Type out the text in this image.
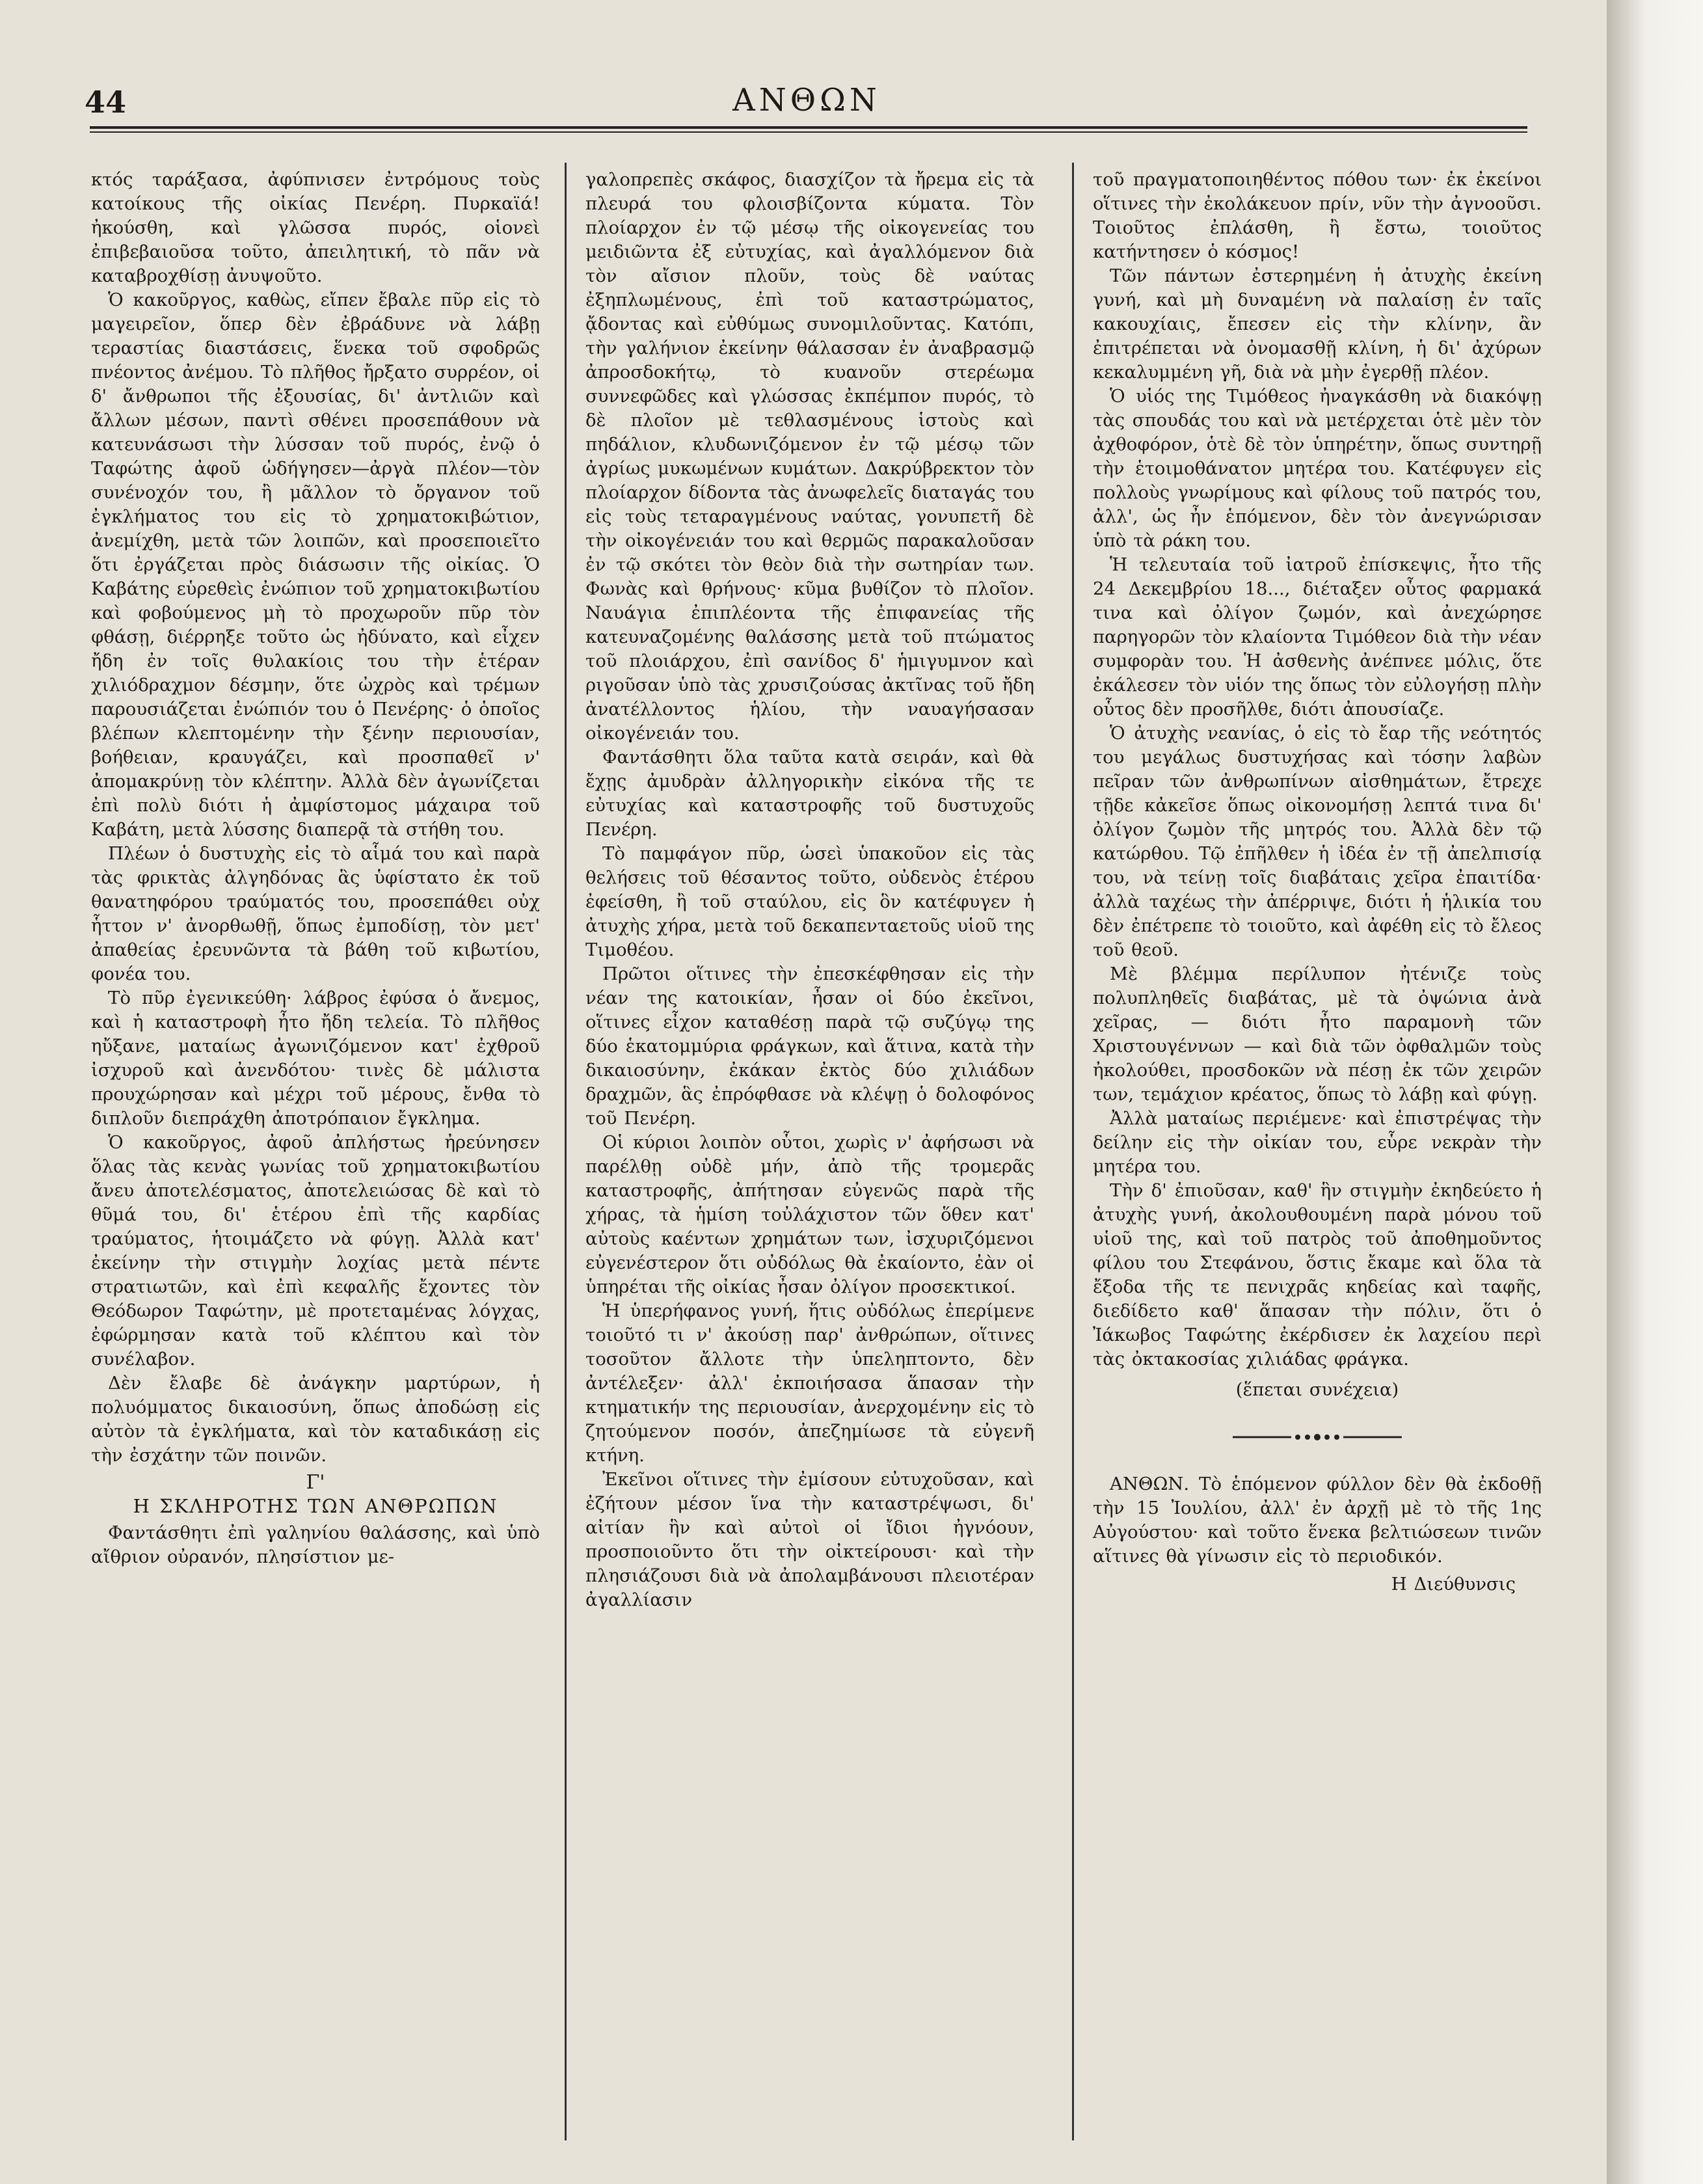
44	ΑΝΘΩΝ

κτός ταράξασα, ἀφύπνισεν ἐντρόμους τοὺς κατοίκους τῆς οἰκίας Πενέρη. Πυρκαϊά! ἠκούσθη, καὶ γλῶσσα πυρός, οἱονεὶ ἐπιβεβαιοῦσα τοῦτο, ἀπειλητική, τὸ πᾶν νὰ καταβροχθίσῃ ἀνυψοῦτο.

Ὁ κακοῦργος, καθὼς, εἴπεν ἔβαλε πῦρ εἰς τὸ μαγειρεῖον, ὅπερ δὲν ἐβράδυνε νὰ λάβῃ τεραστίας διαστάσεις, ἕνεκα τοῦ σφοδρῶς πνέοντος ἀνέμου. Τὸ πλῆθος ἤρξατο συρρέον, οἱ δ' ἄνθρωποι τῆς ἐξουσίας, δι' ἀντλιῶν καὶ ἄλλων μέσων, παντὶ σθένει προσεπάθουν νὰ κατευνάσωσι τὴν λύσσαν τοῦ πυρός, ἐνῷ ὁ Ταφώτης ἀφοῦ ὡδήγησεν—ἀργὰ πλέον—τὸν συνένοχόν του, ἢ μᾶλλον τὸ ὄργανον τοῦ ἐγκλήματος του εἰς τὸ χρηματοκιβώτιον, ἀνεμίχθη, μετὰ τῶν λοιπῶν, καὶ προσεποιεῖτο ὅτι ἐργάζεται πρὸς διάσωσιν τῆς οἰκίας. Ὁ Καβάτης εὑρεθεὶς ἐνώπιον τοῦ χρηματοκιβωτίου καὶ φοβούμενος μὴ τὸ προχωροῦν πῦρ τὸν φθάσῃ, διέρρηξε τοῦτο ὡς ἠδύνατο, καὶ εἶχεν ἤδη ἐν τοῖς θυλακίοις του τὴν ἑτέραν χιλιόδραχμον δέσμην, ὅτε ὠχρὸς καὶ τρέμων παρουσιάζεται ἐνώπιόν του ὁ Πενέρης· ὁ ὁποῖος βλέπων κλεπτομένην τὴν ξένην περιουσίαν, βοήθειαν, κραυγάζει, καὶ προσπαθεῖ ν' ἀπομακρύνῃ τὸν κλέπτην. Ἀλλὰ δὲν ἀγωνίζεται ἐπὶ πολὺ διότι ἡ ἀμφίστομος μάχαιρα τοῦ Καβάτη, μετὰ λύσσης διαπερᾷ τὰ στήθη του.

Πλέων ὁ δυστυχὴς εἰς τὸ αἷμά του καὶ παρὰ τὰς φρικτὰς ἀλγηδόνας ἃς ὑφίστατο ἐκ τοῦ θανατηφόρου τραύματός του, προσεπάθει οὐχ ἧττον ν' ἀνορθωθῇ, ὅπως ἐμποδίσῃ, τὸν μετ' ἀπαθείας ἐρευνῶντα τὰ βάθη τοῦ κιβωτίου, φονέα του.

Τὸ πῦρ ἐγενικεύθη· λάβρος ἐφύσα ὁ ἄνεμος, καὶ ἡ καταστροφὴ ἦτο ἤδη τελεία. Τὸ πλῆθος ηὔξανε, ματαίως ἀγωνιζόμενον κατ' ἐχθροῦ ἰσχυροῦ καὶ ἀνενδότου· τινὲς δὲ μάλιστα προυχώρησαν καὶ μέχρι τοῦ μέρους, ἔνθα τὸ διπλοῦν διεπράχθη ἀποτρόπαιον ἔγκλημα.

Ὁ κακοῦργος, ἀφοῦ ἀπλήστως ἠρεύνησεν ὅλας τὰς κενὰς γωνίας τοῦ χρηματοκιβωτίου ἄνευ ἀποτελέσματος, ἀποτελειώσας δὲ καὶ τὸ θῦμά του, δι' ἑτέρου ἐπὶ τῆς καρδίας τραύματος, ἡτοιμάζετο νὰ φύγῃ. Ἀλλὰ κατ' ἐκείνην τὴν στιγμὴν λοχίας μετὰ πέντε στρατιωτῶν, καὶ ἐπὶ κεφαλῆς ἔχοντες τὸν Θεόδωρον Ταφώτην, μὲ προτεταμένας λόγχας, ἐφώρμησαν κατὰ τοῦ κλέπτου καὶ τὸν συνέλαβον.

Δὲν ἔλαβε δὲ ἀνάγκην μαρτύρων, ἡ πολυόμματος δικαιοσύνη, ὅπως ἀποδώσῃ εἰς αὐτὸν τὰ ἐγκλήματα, καὶ τὸν καταδικάσῃ εἰς τὴν ἐσχάτην τῶν ποινῶν.

Γ'
Η ΣΚΛΗΡΟΤΗΣ ΤΩΝ ΑΝΘΡΩΠΩΝ

Φαντάσθητι ἐπὶ γαληνίου θαλάσσης, καὶ ὑπὸ αἴθριον οὐρανόν, πλησίστιον με-

γαλοπρεπὲς σκάφος, διασχίζον τὰ ἤρεμα εἰς τὰ πλευρά του φλοισβίζοντα κύματα. Τὸν πλοίαρχον ἐν τῷ μέσῳ τῆς οἰκογενείας του μειδιῶντα ἐξ εὐτυχίας, καὶ ἀγαλλόμενον διὰ τὸν αἴσιον πλοῦν, τοὺς δὲ ναύτας ἐξηπλωμένους, ἐπὶ τοῦ καταστρώματος, ᾄδοντας καὶ εὐθύμως συνομιλοῦντας. Κατόπι, τὴν γαλήνιον ἐκείνην θάλασσαν ἐν ἀναβρασμῷ ἀπροσδοκήτῳ, τὸ κυανοῦν στερέωμα συννεφῶδες καὶ γλώσσας ἐκπέμπον πυρός, τὸ δὲ πλοῖον μὲ τεθλασμένους ἱστοὺς καὶ πηδάλιον, κλυδωνιζόμενον ἐν τῷ μέσῳ τῶν ἀγρίως μυκωμένων κυμάτων. Δακρύβρεκτον τὸν πλοίαρχον δίδοντα τὰς ἀνωφελεῖς διαταγάς του εἰς τοὺς τεταραγμένους ναύτας, γονυπετῆ δὲ τὴν οἰκογένειάν του καὶ θερμῶς παρακαλοῦσαν ἐν τῷ σκότει τὸν θεὸν διὰ τὴν σωτηρίαν των. Φωνὰς καὶ θρήνους· κῦμα βυθίζον τὸ πλοῖον. Ναυάγια ἐπιπλέοντα τῆς ἐπιφανείας τῆς κατευναζομένης θαλάσσης μετὰ τοῦ πτώματος τοῦ πλοιάρχου, ἐπὶ σανίδος δ' ἡμιγυμνον καὶ ριγοῦσαν ὑπὸ τὰς χρυσιζούσας ἀκτῖνας τοῦ ἤδη ἀνατέλλοντος ἡλίου, τὴν ναυαγήσασαν οἰκογένειάν του.

Φαντάσθητι ὅλα ταῦτα κατὰ σειράν, καὶ θὰ ἔχῃς ἀμυδρὰν ἀλληγορικὴν εἰκόνα τῆς τε εὐτυχίας καὶ καταστροφῆς τοῦ δυστυχοῦς Πενέρη.

Τὸ παμφάγον πῦρ, ὡσεὶ ὑπακοῦον εἰς τὰς θελήσεις τοῦ θέσαντος τοῦτο, οὐδενὸς ἑτέρου ἐφείσθη, ἢ τοῦ σταύλου, εἰς ὃν κατέφυγεν ἡ ἀτυχὴς χήρα, μετὰ τοῦ δεκαπενταετοῦς υἱοῦ της Τιμοθέου.

Πρῶτοι οἵτινες τὴν ἐπεσκέφθησαν εἰς τὴν νέαν της κατοικίαν, ἦσαν οἱ δύο ἐκεῖνοι, οἵτινες εἶχον καταθέσῃ παρὰ τῷ συζύγῳ της δύο ἑκατομμύρια φράγκων, καὶ ἅτινα, κατὰ τὴν δικαιοσύνην, ἐκάκαν ἐκτὸς δύο χιλιάδων δραχμῶν, ἃς ἐπρόφθασε νὰ κλέψῃ ὁ δολοφόνος τοῦ Πενέρη.

Οἱ κύριοι λοιπὸν οὗτοι, χωρὶς ν' ἀφήσωσι νὰ παρέλθῃ οὐδὲ μήν, ἀπὸ τῆς τρομερᾶς καταστροφῆς, ἀπήτησαν εὐγενῶς παρὰ τῆς χήρας, τὰ ἡμίση τοὐλάχιστον τῶν ὅθεν κατ' αὐτοὺς καέντων χρημάτων των, ἰσχυριζόμενοι εὐγενέστερον ὅτι οὐδόλως θὰ ἐκαίοντο, ἐὰν οἱ ὑπηρέται τῆς οἰκίας ἦσαν ὀλίγον προσεκτικοί.

Ἡ ὑπερήφανος γυνή, ἥτις οὐδόλως ἐπερίμενε τοιοῦτό τι ν' ἀκούσῃ παρ' ἀνθρώπων, οἵτινες τοσοῦτον ἄλλοτε τὴν ὑπεληπτοντο, δὲν ἀντέλεξεν· ἀλλ' ἐκποιήσασα ἅπασαν τὴν κτηματικήν της περιουσίαν, ἀνερχομένην εἰς τὸ ζητούμενον ποσόν, ἀπεζημίωσε τὰ εὐγενῆ κτήνη.

Ἐκεῖνοι οἵτινες τὴν ἐμίσουν εὐτυχοῦσαν, καὶ ἐζήτουν μέσον ἵνα τὴν καταστρέψωσι, δι' αἰτίαν ἣν καὶ αὐτοὶ οἱ ἴδιοι ἠγνόουν, προσποιοῦντο ὅτι τὴν οἰκτείρουσι· καὶ τὴν πλησιάζουσι διὰ νὰ ἀπολαμβάνουσι πλειοτέραν ἀγαλλίασιν

τοῦ πραγματοποιηθέντος πόθου των· ἐκ ἐκείνοι οἵτινες τὴν ἐκολάκευον πρίν, νῦν τὴν ἀγνοοῦσι. Τοιοῦτος ἐπλάσθη, ἢ ἔστω, τοιοῦτος κατήντησεν ὁ κόσμος!

Τῶν πάντων ἐστερημένη ἡ ἀτυχὴς ἐκείνη γυνή, καὶ μὴ δυναμένη νὰ παλαίσῃ ἐν ταῖς κακουχίαις, ἔπεσεν εἰς τὴν κλίνην, ἂν ἐπιτρέπεται νὰ ὀνομασθῇ κλίνη, ἡ δι' ἀχύρων κεκαλυμμένη γῆ, διὰ νὰ μὴν ἐγερθῇ πλέον.

Ὁ υἱός της Τιμόθεος ἠναγκάσθη νὰ διακόψῃ τὰς σπουδάς του καὶ νὰ μετέρχεται ὁτὲ μὲν τὸν ἀχθοφόρον, ὁτὲ δὲ τὸν ὑπηρέτην, ὅπως συντηρῇ τὴν ἑτοιμοθάνατον μητέρα του. Κατέφυγεν εἰς πολλοὺς γνωρίμους καὶ φίλους τοῦ πατρός του, ἀλλ', ὡς ἦν ἑπόμενον, δὲν τὸν ἀνεγνώρισαν ὑπὸ τὰ ράκη του.

Ἡ τελευταία τοῦ ἰατροῦ ἐπίσκεψις, ἦτο τῆς 24 Δεκεμβρίου 18..., διέταξεν οὗτος φαρμακά τινα καὶ ὀλίγον ζωμόν, καὶ ἀνεχώρησε παρηγορῶν τὸν κλαίοντα Τιμόθεον διὰ τὴν νέαν συμφορὰν του. Ἡ ἀσθενὴς ἀνέπνεε μόλις, ὅτε ἐκάλεσεν τὸν υἱόν της ὅπως τὸν εὐλογήσῃ πλὴν οὗτος δὲν προσῆλθε, διότι ἀπουσίαζε.

Ὁ ἀτυχὴς νεανίας, ὁ εἰς τὸ ἔαρ τῆς νεότητός του μεγάλως δυστυχήσας καὶ τόσην λαβὼν πεῖραν τῶν ἀνθρωπίνων αἰσθημάτων, ἔτρεχε τῇδε κἀκεῖσε ὅπως οἰκονομήσῃ λεπτά τινα δι' ὀλίγον ζωμὸν τῆς μητρός του. Ἀλλὰ δὲν τῷ κατώρθου. Τῷ ἐπῆλθεν ἡ ἰδέα ἐν τῇ ἀπελπισίᾳ του, νὰ τείνῃ τοῖς διαβάταις χεῖρα ἐπαιτίδα· ἀλλὰ ταχέως τὴν ἀπέρριψε, διότι ἡ ἡλικία του δὲν ἐπέτρεπε τὸ τοιοῦτο, καὶ ἀφέθη εἰς τὸ ἔλεος τοῦ θεοῦ.

Μὲ βλέμμα περίλυπον ἠτένιζε τοὺς πολυπληθεῖς διαβάτας, μὲ τὰ ὀψώνια ἀνὰ χεῖρας, — διότι ἦτο παραμονὴ τῶν Χριστουγέννων — καὶ διὰ τῶν ὀφθαλμῶν τοὺς ἠκολούθει, προσδοκῶν νὰ πέσῃ ἐκ τῶν χειρῶν των, τεμάχιον κρέατος, ὅπως τὸ λάβῃ καὶ φύγῃ.

Ἀλλὰ ματαίως περιέμενε· καὶ ἐπιστρέψας τὴν δείλην εἰς τὴν οἰκίαν του, εὗρε νεκρὰν τὴν μητέρα του.

Τὴν δ' ἐπιοῦσαν, καθ' ἣν στιγμὴν ἐκηδεύετο ἡ ἀτυχὴς γυνή, ἀκολουθουμένη παρὰ μόνου τοῦ υἱοῦ της, καὶ τοῦ πατρὸς τοῦ ἀποθημοῦντος φίλου του Στεφάνου, ὅστις ἔκαμε καὶ ὅλα τὰ ἔξοδα τῆς τε πενιχρᾶς κηδείας καὶ ταφῆς, διεδίδετο καθ' ἅπασαν τὴν πόλιν, ὅτι ὁ Ἰάκωβος Ταφώτης ἐκέρδισεν ἐκ λαχείου περὶ τὰς ὀκτακοσίας χιλιάδας φράγκα.

(ἕπεται συνέχεια)

ΑΝΘΩΝ. Τὸ ἑπόμενον φύλλον δὲν θὰ ἐκδοθῇ τὴν 15 Ἰουλίου, ἀλλ' ἐν ἀρχῇ μὲ τὸ τῆς 1ης Αὐγούστου· καὶ τοῦτο ἕνεκα βελτιώσεων τινῶν αἵτινες θὰ γίνωσιν εἰς τὸ περιοδικόν.

Η Διεύθυνσις
